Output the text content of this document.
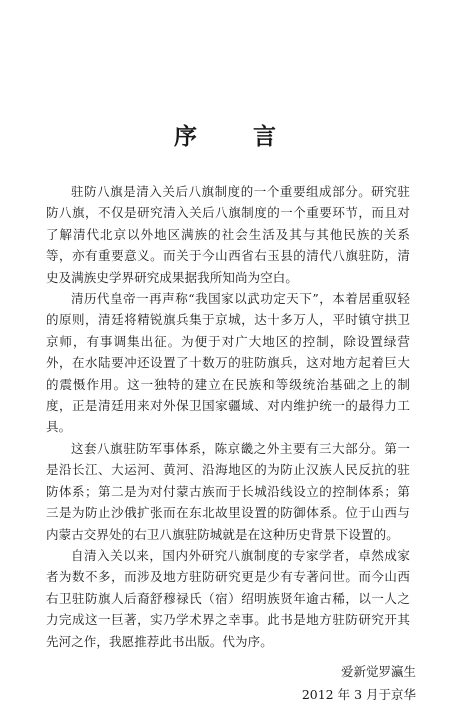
序 言

驻防八旗是清入关后八旗制度的一个重要组成部分。研究驻防八旗，不仅是研究清入关后八旗制度的一个重要环节，而且对了解清代北京以外地区满族的社会生活及其与其他民族的关系等，亦有重要意义。而关于今山西省右玉县的清代八旗驻防，清史及满族史学界研究成果据我所知尚为空白。

清历代皇帝一再声称“我国家以武功定天下”，本着居重驭轻的原则，清廷将精锐旗兵集于京城，达十多万人，平时镇守拱卫京师，有事调集出征。为便于对广大地区的控制，除设置绿营外，在水陆要冲还设置了十数万的驻防旗兵，这对地方起着巨大的震慑作用。这一独特的建立在民族和等级统治基础之上的制度，正是清廷用来对外保卫国家疆域、对内维护统一的最得力工具。

这套八旗驻防军事体系，陈京畿之外主要有三大部分。第一是沿长江、大运河、黄河、沿海地区的为防止汉族人民反抗的驻防体系；第二是为对付蒙古族而于长城沿线设立的控制体系；第三是为防止沙俄扩张而在东北故里设置的防御体系。位于山西与内蒙古交界处的右卫八旗驻防城就是在这种历史背景下设置的。

自清入关以来，国内外研究八旗制度的专家学者，卓然成家者为数不多，而涉及地方驻防研究更是少有专著问世。而今山西右卫驻防旗人后裔舒穆禄氏（宿）绍明族贤年逾古稀，以一人之力完成这一巨著，实乃学术界之幸事。此书是地方驻防研究开其先河之作，我愿推荐此书出版。代为序。

爱新觉罗瀛生
2012 年 3 月于京华
